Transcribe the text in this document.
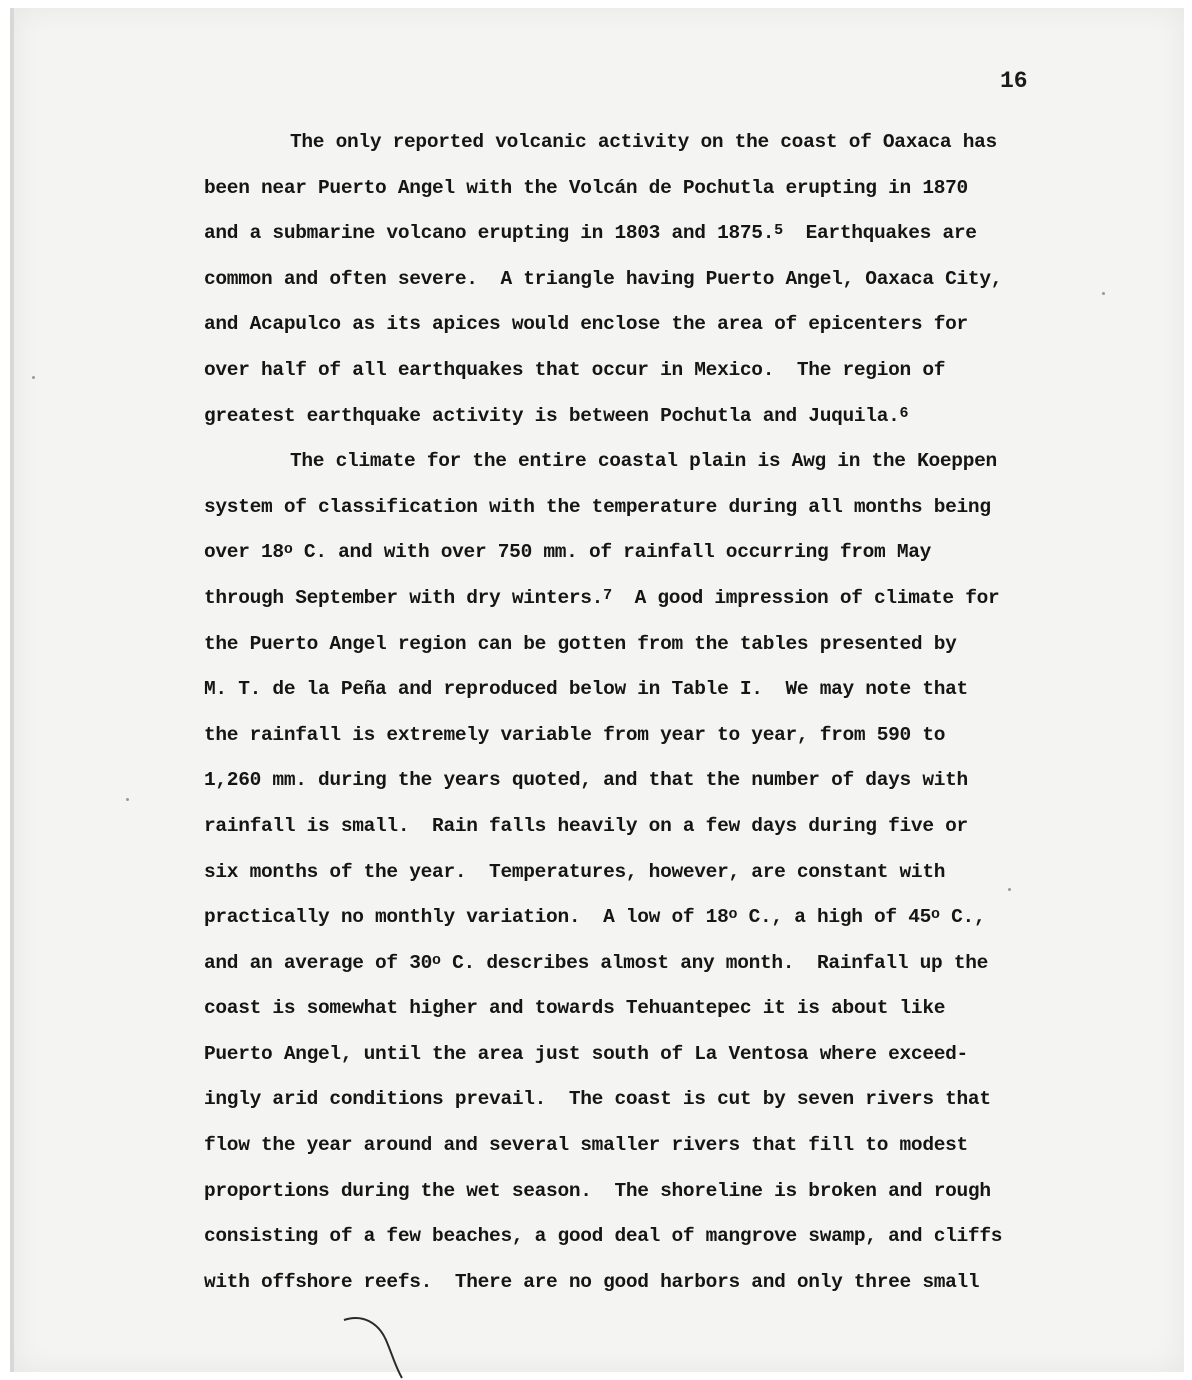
16
The only reported volcanic activity on the coast of Oaxaca has
been near Puerto Angel with the Volcán de Pochutla erupting in 1870
and a submarine volcano erupting in 1803 and 1875.$^5$  Earthquakes are
common and often severe.  A triangle having Puerto Angel, Oaxaca City,
and Acapulco as its apices would enclose the area of epicenters for
over half of all earthquakes that occur in Mexico.  The region of
greatest earthquake activity is between Pochutla and Juquila.$^6$
The climate for the entire coastal plain is Awg in the Koeppen
system of classification with the temperature during all months being
over 18$^o$ C. and with over 750 mm. of rainfall occurring from May
through September with dry winters.$^7$  A good impression of climate for
the Puerto Angel region can be gotten from the tables presented by
M. T. de la Peña and reproduced below in Table I.  We may note that
the rainfall is extremely variable from year to year, from 590 to
1,260 mm. during the years quoted, and that the number of days with
rainfall is small.  Rain falls heavily on a few days during five or
six months of the year.  Temperatures, however, are constant with
practically no monthly variation.  A low of 18$^o$ C., a high of 45$^o$ C.,
and an average of 30$^o$ C. describes almost any month.  Rainfall up the
coast is somewhat higher and towards Tehuantepec it is about like
Puerto Angel, until the area just south of La Ventosa where exceed-
ingly arid conditions prevail.  The coast is cut by seven rivers that
flow the year around and several smaller rivers that fill to modest
proportions during the wet season.  The shoreline is broken and rough
consisting of a few beaches, a good deal of mangrove swamp, and cliffs
with offshore reefs.  There are no good harbors and only three small
